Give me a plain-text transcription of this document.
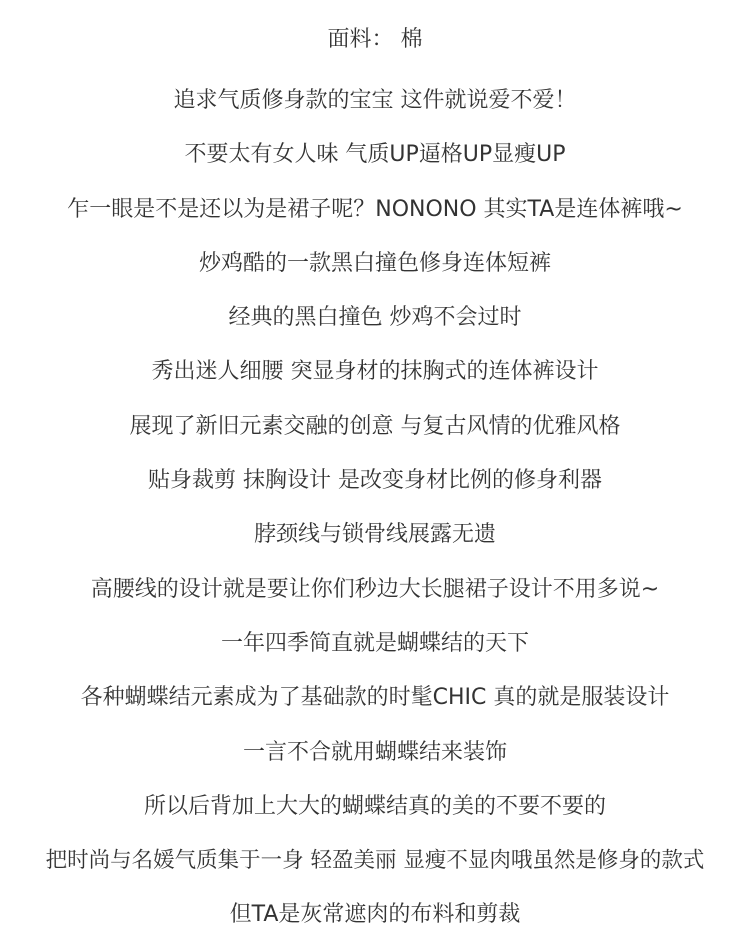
面料： 棉
追求气质修身款的宝宝 这件就说爱不爱！
不要太有女人味 气质UP逼格UP显瘦UP
乍一眼是不是还以为是裙子呢？NONONO 其实TA是连体裤哦~
炒鸡酷的一款黑白撞色修身连体短裤
经典的黑白撞色 炒鸡不会过时
秀出迷人细腰 突显身材的抹胸式的连体裤设计
展现了新旧元素交融的创意 与复古风情的优雅风格
贴身裁剪 抹胸设计 是改变身材比例的修身利器
脖颈线与锁骨线展露无遗
高腰线的设计就是要让你们秒边大长腿裙子设计不用多说~
一年四季简直就是蝴蝶结的天下
各种蝴蝶结元素成为了基础款的时髦CHIC 真的就是服装设计
一言不合就用蝴蝶结来装饰
所以后背加上大大的蝴蝶结真的美的不要不要的
把时尚与名媛气质集于一身 轻盈美丽 显瘦不显肉哦虽然是修身的款式
但TA是灰常遮肉的布料和剪裁
